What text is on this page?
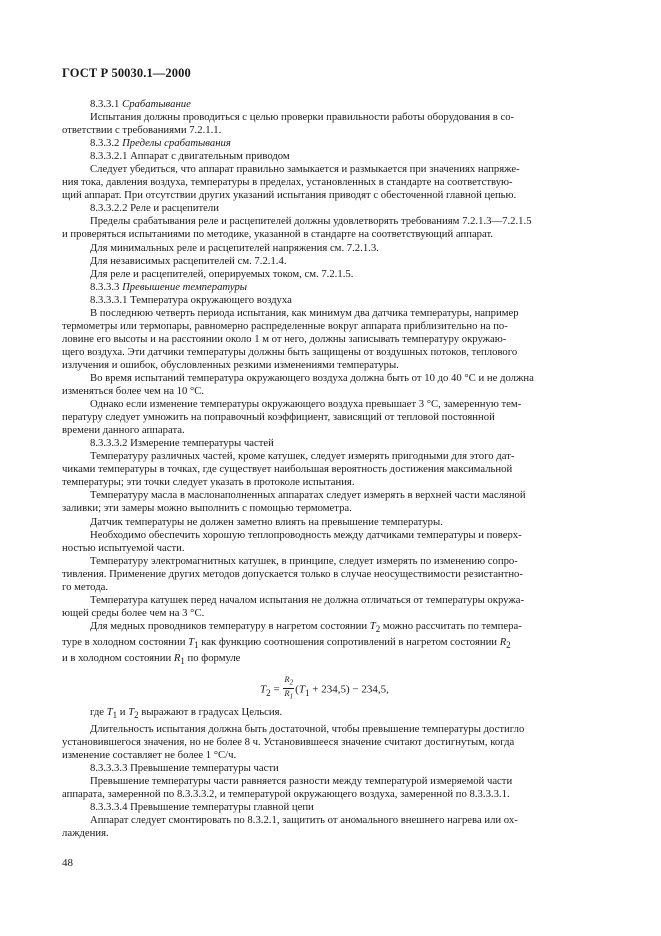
ГОСТ Р 50030.1—2000

8.3.3.1 Срабатывание

Испытания должны проводиться с целью проверки правильности работы оборудования в со-
ответствии с требованиями 7.2.1.1.

8.3.3.2 Пределы срабатывания

8.3.3.2.1 Аппарат с двигательным приводом

Следует убедиться, что аппарат правильно замыкается и размыкается при значениях напряже-
ния тока, давления воздуха, температуры в пределах, установленных в стандарте на соответствую-
щий аппарат. При отсутствии других указаний испытания приводят с обесточенной главной цепью.

8.3.3.2.2 Реле и расцепители

Пределы срабатывания реле и расцепителей должны удовлетворять требованиям 7.2.1.3—7.2.1.5
и проверяться испытаниями по методике, указанной в стандарте на соответствующий аппарат.

Для минимальных реле и расцепителей напряжения см. 7.2.1.3.

Для независимых расцепителей см. 7.2.1.4.

Для реле и расцепителей, оперируемых током, см. 7.2.1.5.

8.3.3.3 Превышение температуры

8.3.3.3.1 Температура окружающего воздуха

В последнюю четверть периода испытания, как минимум два датчика температуры, например
термометры или термопары, равномерно распределенные вокруг аппарата приблизительно на по-
ловине его высоты и на расстоянии около 1 м от него, должны записывать температуру окружаю-
щего воздуха. Эти датчики температуры должны быть защищены от воздушных потоков, теплового
излучения и ошибок, обусловленных резкими изменениями температуры.

Во время испытаний температура окружающего воздуха должна быть от 10 до 40 °С и не должна
изменяться более чем на 10 °С.

Однако если изменение температуры окружающего воздуха превышает 3 °С, замеренную тем-
пературу следует умножить на поправочный коэффициент, зависящий от тепловой постоянной
времени данного аппарата.

8.3.3.3.2 Измерение температуры частей

Температуру различных частей, кроме катушек, следует измерять пригодными для этого дат-
чиками температуры в точках, где существует наибольшая вероятность достижения максимальной
температуры; эти точки следует указать в протоколе испытания.

Температуру масла в маслонаполненных аппаратах следует измерять в верхней части масляной
заливки; эти замеры можно выполнить с помощью термометра.

Датчик температуры не должен заметно влиять на превышение температуры.

Необходимо обеспечить хорошую теплопроводность между датчиками температуры и поверх-
ностью испытуемой части.

Температуру электромагнитных катушек, в принципе, следует измерять по изменению сопро-
тивления. Применение других методов допускается только в случае неосуществимости резистантно-
го метода.

Температура катушек перед началом испытания не должна отличаться от температуры окружа-
ющей среды более чем на 3 °С.

Для медных проводников температуру в нагретом состоянии $T_2$ можно рассчитать по темпера-
туре в холодном состоянии $T_1$ как функцию соотношения сопротивлений в нагретом состоянии $R_2$
и в холодном состоянии $R_1$ по формуле

$T_2 = \frac{R_2}{R_1} (T_1 + 234,5) - 234,5$,

где $T_1$ и $T_2$ выражают в градусах Цельсия.

Длительность испытания должна быть достаточной, чтобы превышение температуры достигло
установившегося значения, но не более 8 ч. Установившееся значение считают достигнутым, когда
изменение составляет не более 1 °С/ч.

8.3.3.3.3 Превышение температуры части

Превышение температуры части равняется разности между температурой измеряемой части
аппарата, замеренной по 8.3.3.3.2, и температурой окружающего воздуха, замеренной по 8.3.3.3.1.

8.3.3.3.4 Превышение температуры главной цепи

Аппарат следует смонтировать по 8.3.2.1, защитить от аномального внешнего нагрева или ох-
лаждения.

48
